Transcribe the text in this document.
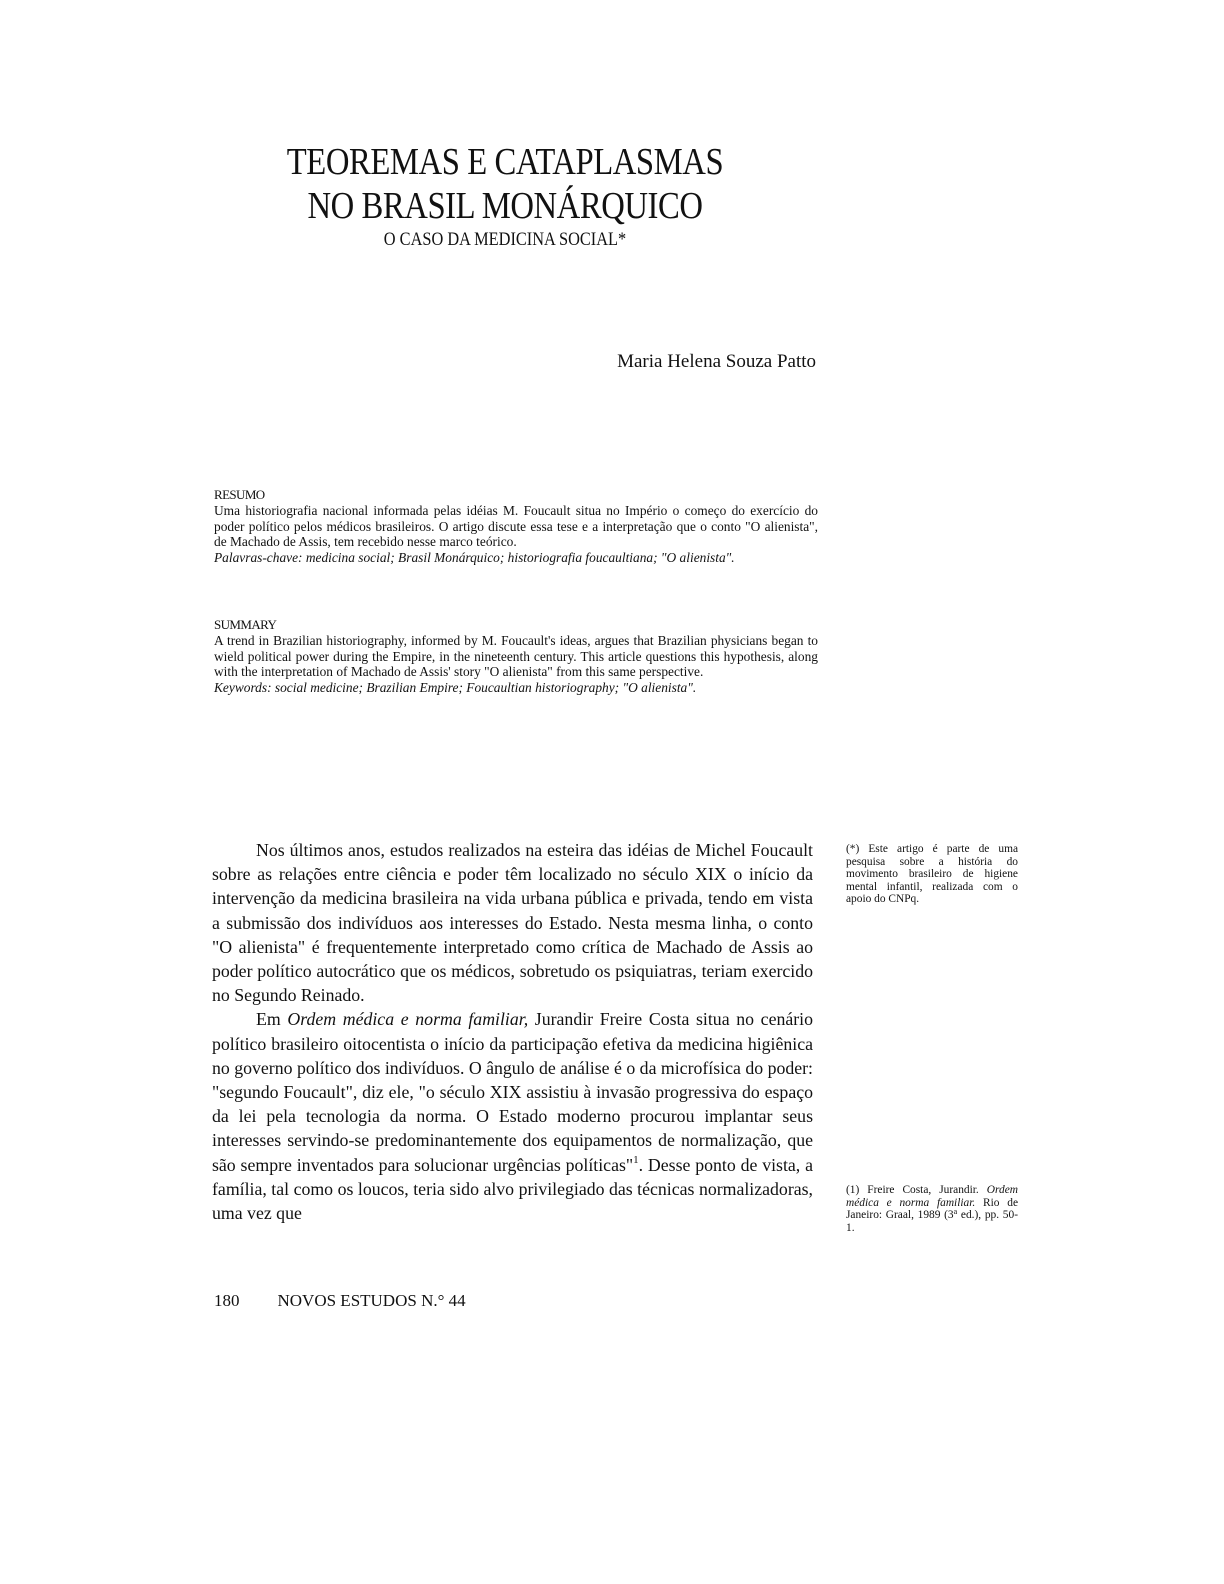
TEOREMAS E CATAPLASMAS
NO BRASIL MONÁRQUICO
O CASO DA MEDICINA SOCIAL*
Maria Helena Souza Patto
RESUMO
Uma historiografia nacional informada pelas idéias M. Foucault situa no Império o começo do exercício do poder político pelos médicos brasileiros. O artigo discute essa tese e a interpretação que o conto "O alienista", de Machado de Assis, tem recebido nesse marco teórico.
Palavras-chave: medicina social; Brasil Monárquico; historiografia foucaultiana; "O alienista".
SUMMARY
A trend in Brazilian historiography, informed by M. Foucault's ideas, argues that Brazilian physicians began to wield political power during the Empire, in the nineteenth century. This article questions this hypothesis, along with the interpretation of Machado de Assis' story "O alienista" from this same perspective.
Keywords: social medicine; Brazilian Empire; Foucaultian historiography; "O alienista".

Nos últimos anos, estudos realizados na esteira das idéias de Michel Foucault sobre as relações entre ciência e poder têm localizado no século XIX o início da intervenção da medicina brasileira na vida urbana pública e privada, tendo em vista a submissão dos indivíduos aos interesses do Estado. Nesta mesma linha, o conto "O alienista" é frequentemente interpretado como crítica de Machado de Assis ao poder político autocrático que os médicos, sobretudo os psiquiatras, teriam exercido no Segundo Reinado.

Em Ordem médica e norma familiar, Jurandir Freire Costa situa no cenário político brasileiro oitocentista o início da participação efetiva da medicina higiênica no governo político dos indivíduos. O ângulo de análise é o da microfísica do poder: "segundo Foucault", diz ele, "o século XIX assistiu à invasão progressiva do espaço da lei pela tecnologia da norma. O Estado moderno procurou implantar seus interesses servindo-se predominantemente dos equipamentos de normalização, que são sempre inventados para solucionar urgências políticas"$^1$. Desse ponto de vista, a família, tal como os loucos, teria sido alvo privilegiado das técnicas normalizadoras, uma vez que

(*) Este artigo é parte de uma pesquisa sobre a história do movimento brasileiro de higiene mental infantil, realizada com o apoio do CNPq.
(1) Freire Costa, Jurandir. Ordem médica e norma familiar. Rio de Janeiro: Graal, 1989 (3$^a$ ed.), pp. 50-1.
180 NOVOS ESTUDOS N.° 44
